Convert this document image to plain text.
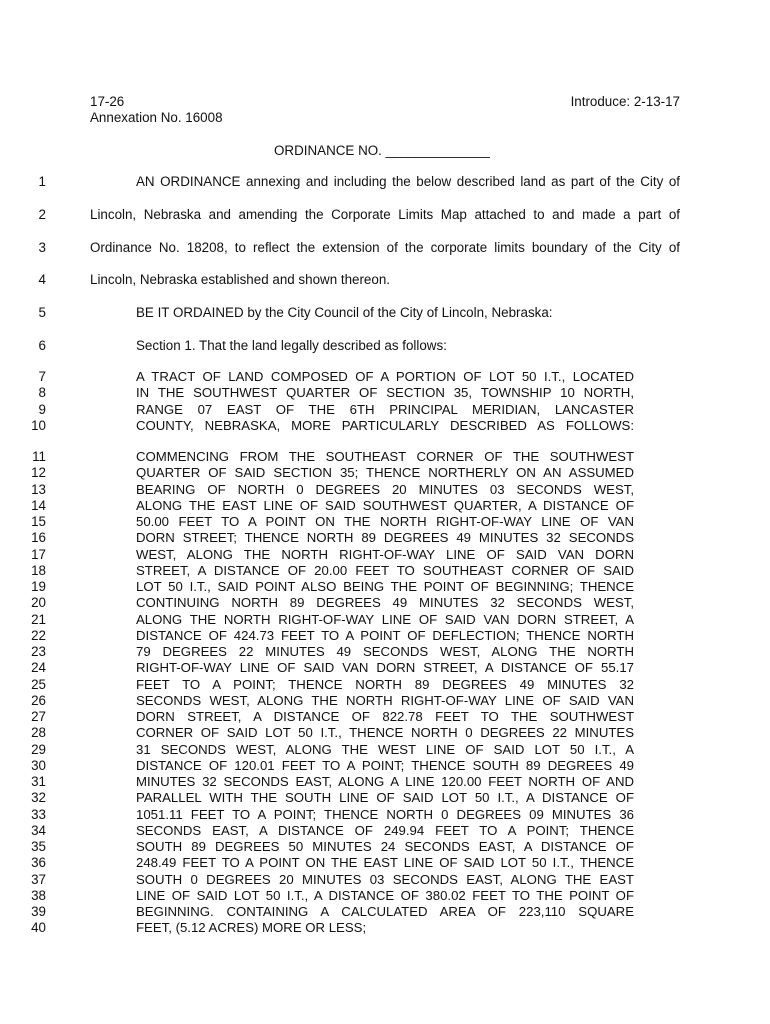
17-26
Annexation No. 16008
Introduce: 2-13-17
ORDINANCE NO. ______________
1
2
3
4
5
6
AN ORDINANCE annexing and including the below described land as part of the City of
Lincoln, Nebraska and amending the Corporate Limits Map attached to and made a part of
Ordinance No. 18208, to reflect the extension of the corporate limits boundary of the City of
Lincoln, Nebraska established and shown thereon.
BE IT ORDAINED by the City Council of the City of Lincoln, Nebraska:
Section 1. That the land legally described as follows:
7
8
9
10
A TRACT OF LAND COMPOSED OF A PORTION OF LOT 50 I.T., LOCATED
IN THE SOUTHWEST QUARTER OF SECTION 35, TOWNSHIP 10 NORTH,
RANGE 07 EAST OF THE 6TH PRINCIPAL MERIDIAN, LANCASTER
COUNTY, NEBRASKA, MORE PARTICULARLY DESCRIBED AS FOLLOWS:
11
12
13
14
15
16
17
18
19
20
21
22
23
24
25
26
27
28
29
30
31
32
33
34
35
36
37
38
39
40
COMMENCING FROM THE SOUTHEAST CORNER OF THE SOUTHWEST
QUARTER OF SAID SECTION 35; THENCE NORTHERLY ON AN ASSUMED
BEARING OF NORTH 0 DEGREES 20 MINUTES 03 SECONDS WEST,
ALONG THE EAST LINE OF SAID SOUTHWEST QUARTER, A DISTANCE OF
50.00 FEET TO A POINT ON THE NORTH RIGHT-OF-WAY LINE OF VAN
DORN STREET; THENCE NORTH 89 DEGREES 49 MINUTES 32 SECONDS
WEST, ALONG THE NORTH RIGHT-OF-WAY LINE OF SAID VAN DORN
STREET, A DISTANCE OF 20.00 FEET TO SOUTHEAST CORNER OF SAID
LOT 50 I.T., SAID POINT ALSO BEING THE POINT OF BEGINNING; THENCE
CONTINUING NORTH 89 DEGREES 49 MINUTES 32 SECONDS WEST,
ALONG THE NORTH RIGHT-OF-WAY LINE OF SAID VAN DORN STREET, A
DISTANCE OF 424.73 FEET TO A POINT OF DEFLECTION; THENCE NORTH
79 DEGREES 22 MINUTES 49 SECONDS WEST, ALONG THE NORTH
RIGHT-OF-WAY LINE OF SAID VAN DORN STREET, A DISTANCE OF 55.17
FEET TO A POINT; THENCE NORTH 89 DEGREES 49 MINUTES 32
SECONDS WEST, ALONG THE NORTH RIGHT-OF-WAY LINE OF SAID VAN
DORN STREET, A DISTANCE OF 822.78 FEET TO THE SOUTHWEST
CORNER OF SAID LOT 50 I.T., THENCE NORTH 0 DEGREES 22 MINUTES
31 SECONDS WEST, ALONG THE WEST LINE OF SAID LOT 50 I.T., A
DISTANCE OF 120.01 FEET TO A POINT; THENCE SOUTH 89 DEGREES 49
MINUTES 32 SECONDS EAST, ALONG A LINE 120.00 FEET NORTH OF AND
PARALLEL WITH THE SOUTH LINE OF SAID LOT 50 I.T., A DISTANCE OF
1051.11 FEET TO A POINT; THENCE NORTH 0 DEGREES 09 MINUTES 36
SECONDS EAST, A DISTANCE OF 249.94 FEET TO A POINT; THENCE
SOUTH 89 DEGREES 50 MINUTES 24 SECONDS EAST, A DISTANCE OF
248.49 FEET TO A POINT ON THE EAST LINE OF SAID LOT 50 I.T., THENCE
SOUTH 0 DEGREES 20 MINUTES 03 SECONDS EAST, ALONG THE EAST
LINE OF SAID LOT 50 I.T., A DISTANCE OF 380.02 FEET TO THE POINT OF
BEGINNING. CONTAINING A CALCULATED AREA OF 223,110 SQUARE
FEET, (5.12 ACRES) MORE OR LESS;
